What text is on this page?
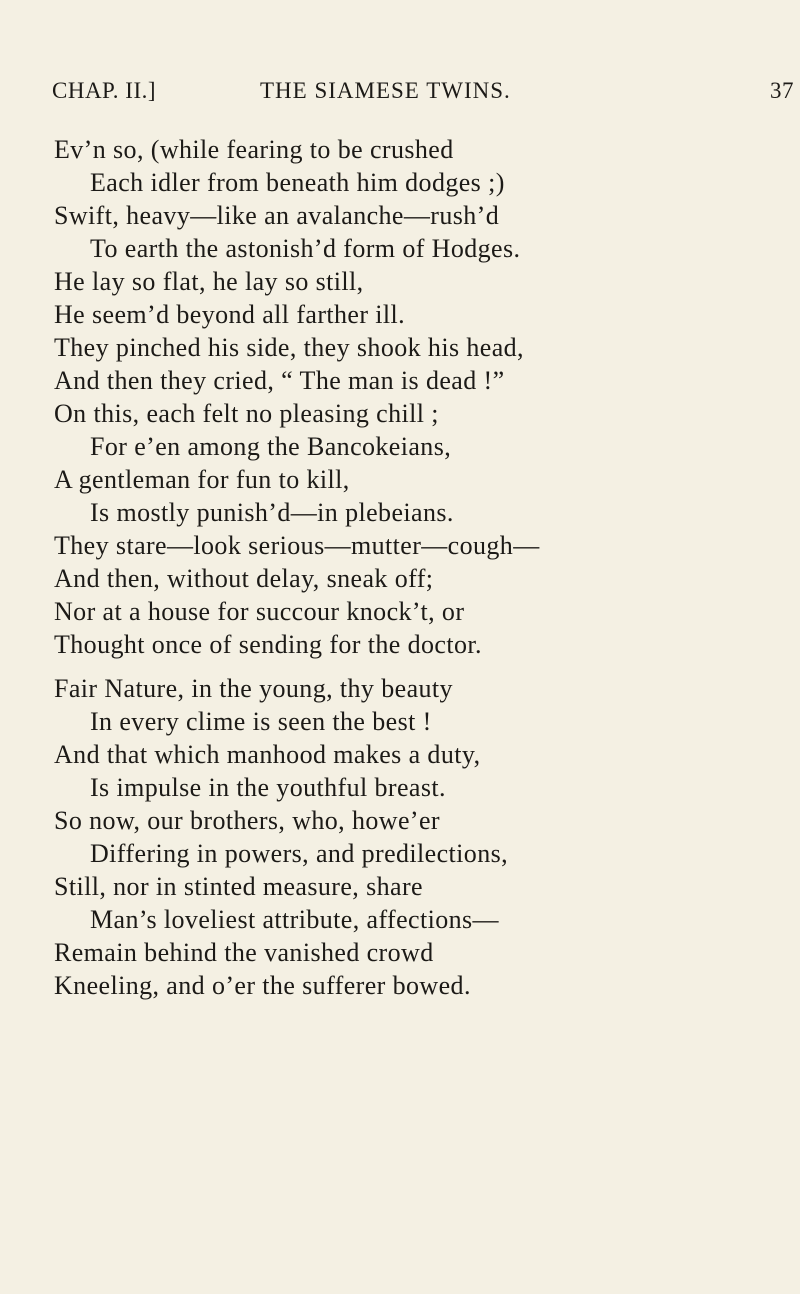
CHAP. II.]	THE SIAMESE TWINS.	37
Ev’n so, (while fearing to be crushed
Each idler from beneath him dodges ;)
Swift, heavy—like an avalanche—rush’d
To earth the astonish’d form of Hodges.
He lay so flat, he lay so still,
He seem’d beyond all farther ill.
They pinched his side, they shook his head,
And then they cried, “ The man is dead !”
On this, each felt no pleasing chill ;
For e’en among the Bancokeians,
A gentleman for fun to kill,
Is mostly punish’d—in plebeians.
They stare—look serious—mutter—cough—
And then, without delay, sneak off;
Nor at a house for succour knock’t, or
Thought once of sending for the doctor.
Fair Nature, in the young, thy beauty
In every clime is seen the best !
And that which manhood makes a duty,
Is impulse in the youthful breast.
So now, our brothers, who, howe’er
Differing in powers, and predilections,
Still, nor in stinted measure, share
Man’s loveliest attribute, affections—
Remain behind the vanished crowd
Kneeling, and o’er the sufferer bowed.
